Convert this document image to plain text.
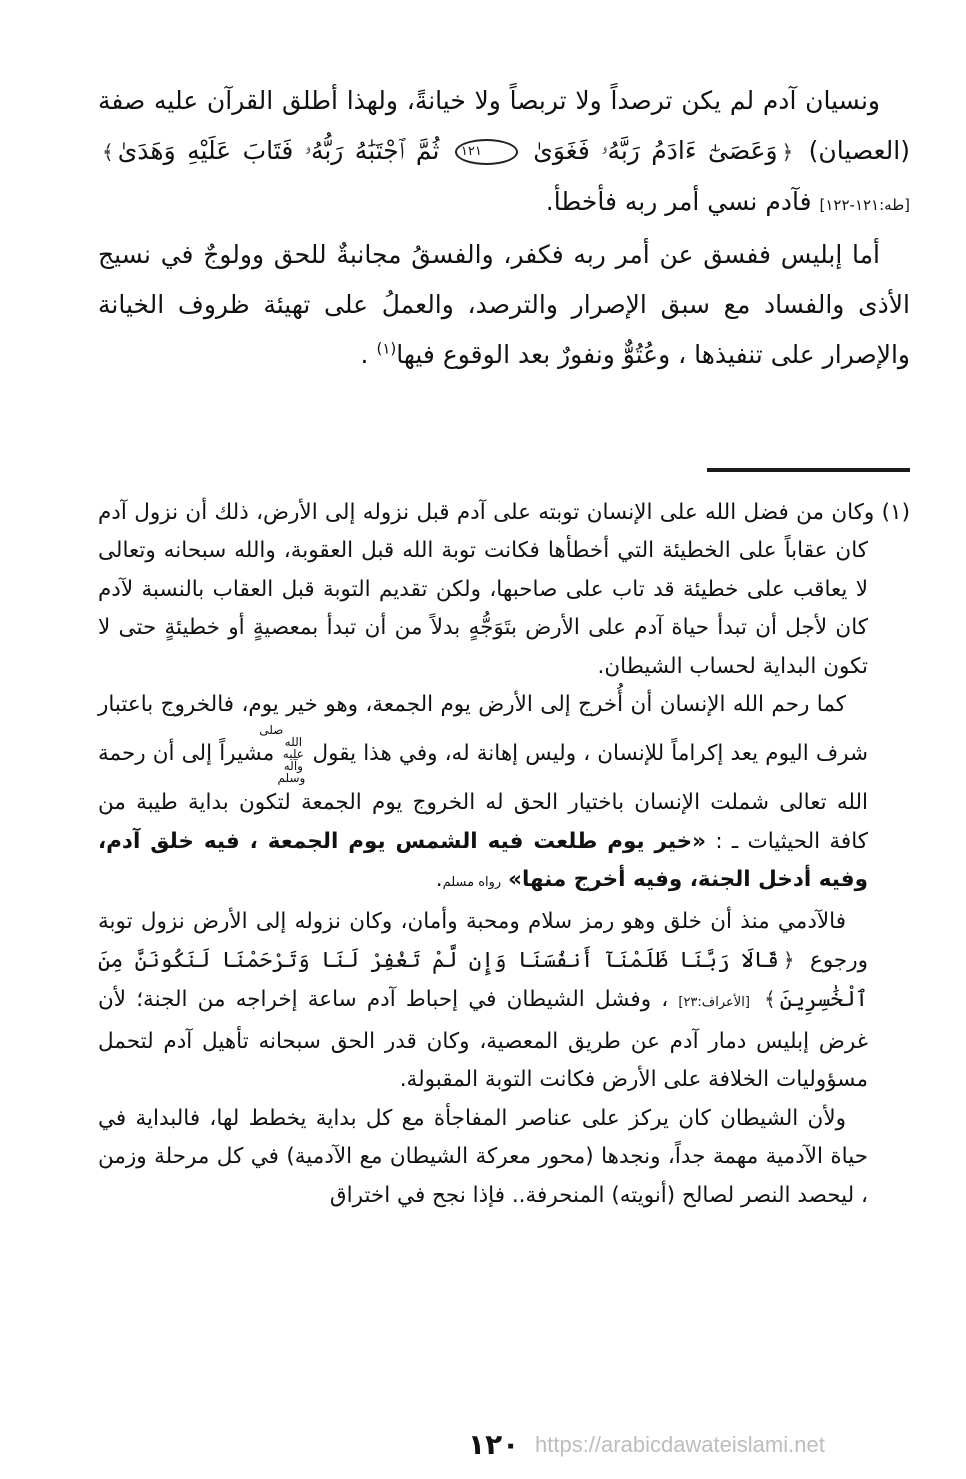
ونسيان آدم لم يكن ترصداً ولا تربصاً ولا خيانةً، ولهذا أطلق القرآن عليه صفة (العصيان) ﴿وَعَصَىٰٓ ءَادَمُ رَبَّهُۥ فَغَوَىٰ ١٢١ ثُمَّ ٱجْتَبَٰهُ رَبُّهُۥ فَتَابَ عَلَيْهِ وَهَدَىٰ﴾ [طه:١٢١-١٢٢] فآدم نسي أمر ربه فأخطأ.

أما إبليس ففسق عن أمر ربه فكفر، والفسقُ مجانبةٌ للحق وولوجٌ في نسيج الأذى والفساد مع سبق الإصرار والترصد، والعملُ على تهيئة ظروف الخيانة والإصرار على تنفيذها ، وعُتُوٌّ ونفورٌ بعد الوقوع فيها$^{(١)}$ .

(١) وكان من فضل الله على الإنسان توبته على آدم قبل نزوله إلى الأرض، ذلك أن نزول آدم كان عقاباً على الخطيئة التي أخطأها فكانت توبة الله قبل العقوبة، والله سبحانه وتعالى لا يعاقب على خطيئة قد تاب على صاحبها، ولكن تقديم التوبة قبل العقاب بالنسبة لآدم كان لأجل أن تبدأ حياة آدم على الأرض بتَوَجُّهٍ بدلاً من أن تبدأ بمعصيةٍ أو خطيئةٍ حتى لا تكون البداية لحساب الشيطان.

كما رحم الله الإنسان أن أُخرج إلى الأرض يوم الجمعة، وهو خير يوم، فالخروج باعتبار شرف اليوم يعد إكراماً للإنسان ، وليس إهانة له، وفي هذا يقول صلى الله عليه وآله وسلم مشيراً إلى أن رحمة الله تعالى شملت الإنسان باختيار الحق له الخروج يوم الجمعة لتكون بداية طيبة من كافة الحيثيات ـ : «خير يوم طلعت فيه الشمس يوم الجمعة ، فيه خلق آدم، وفيه أدخل الجنة، وفيه أخرج منها» رواه مسلم.

فالآدمي منذ أن خلق وهو رمز سلام ومحبة وأمان، وكان نزوله إلى الأرض نزول توبة ورجوع ﴿قَالَا رَبَّنَا ظَلَمْنَآ أَنفُسَنَا وَإِن لَّمْ تَغْفِرْ لَنَا وَتَرْحَمْنَا لَنَكُونَنَّ مِنَ ٱلْخَٰسِرِينَ﴾ [الأعراف:٢٣] ، وفشل الشيطان في إحباط آدم ساعة إخراجه من الجنة؛ لأن غرض إبليس دمار آدم عن طريق المعصية، وكان قدر الحق سبحانه تأهيل آدم لتحمل مسؤوليات الخلافة على الأرض فكانت التوبة المقبولة.

ولأن الشيطان كان يركز على عناصر المفاجأة مع كل بداية يخطط لها، فالبداية في حياة الآدمية مهمة جداً، ونجدها (محور معركة الشيطان مع الآدمية) في كل مرحلة وزمن ، ليحصد النصر لصالح (أنويته) المنحرفة.. فإذا نجح في اختراق

١٢٠ https://arabicdawateislami.net
